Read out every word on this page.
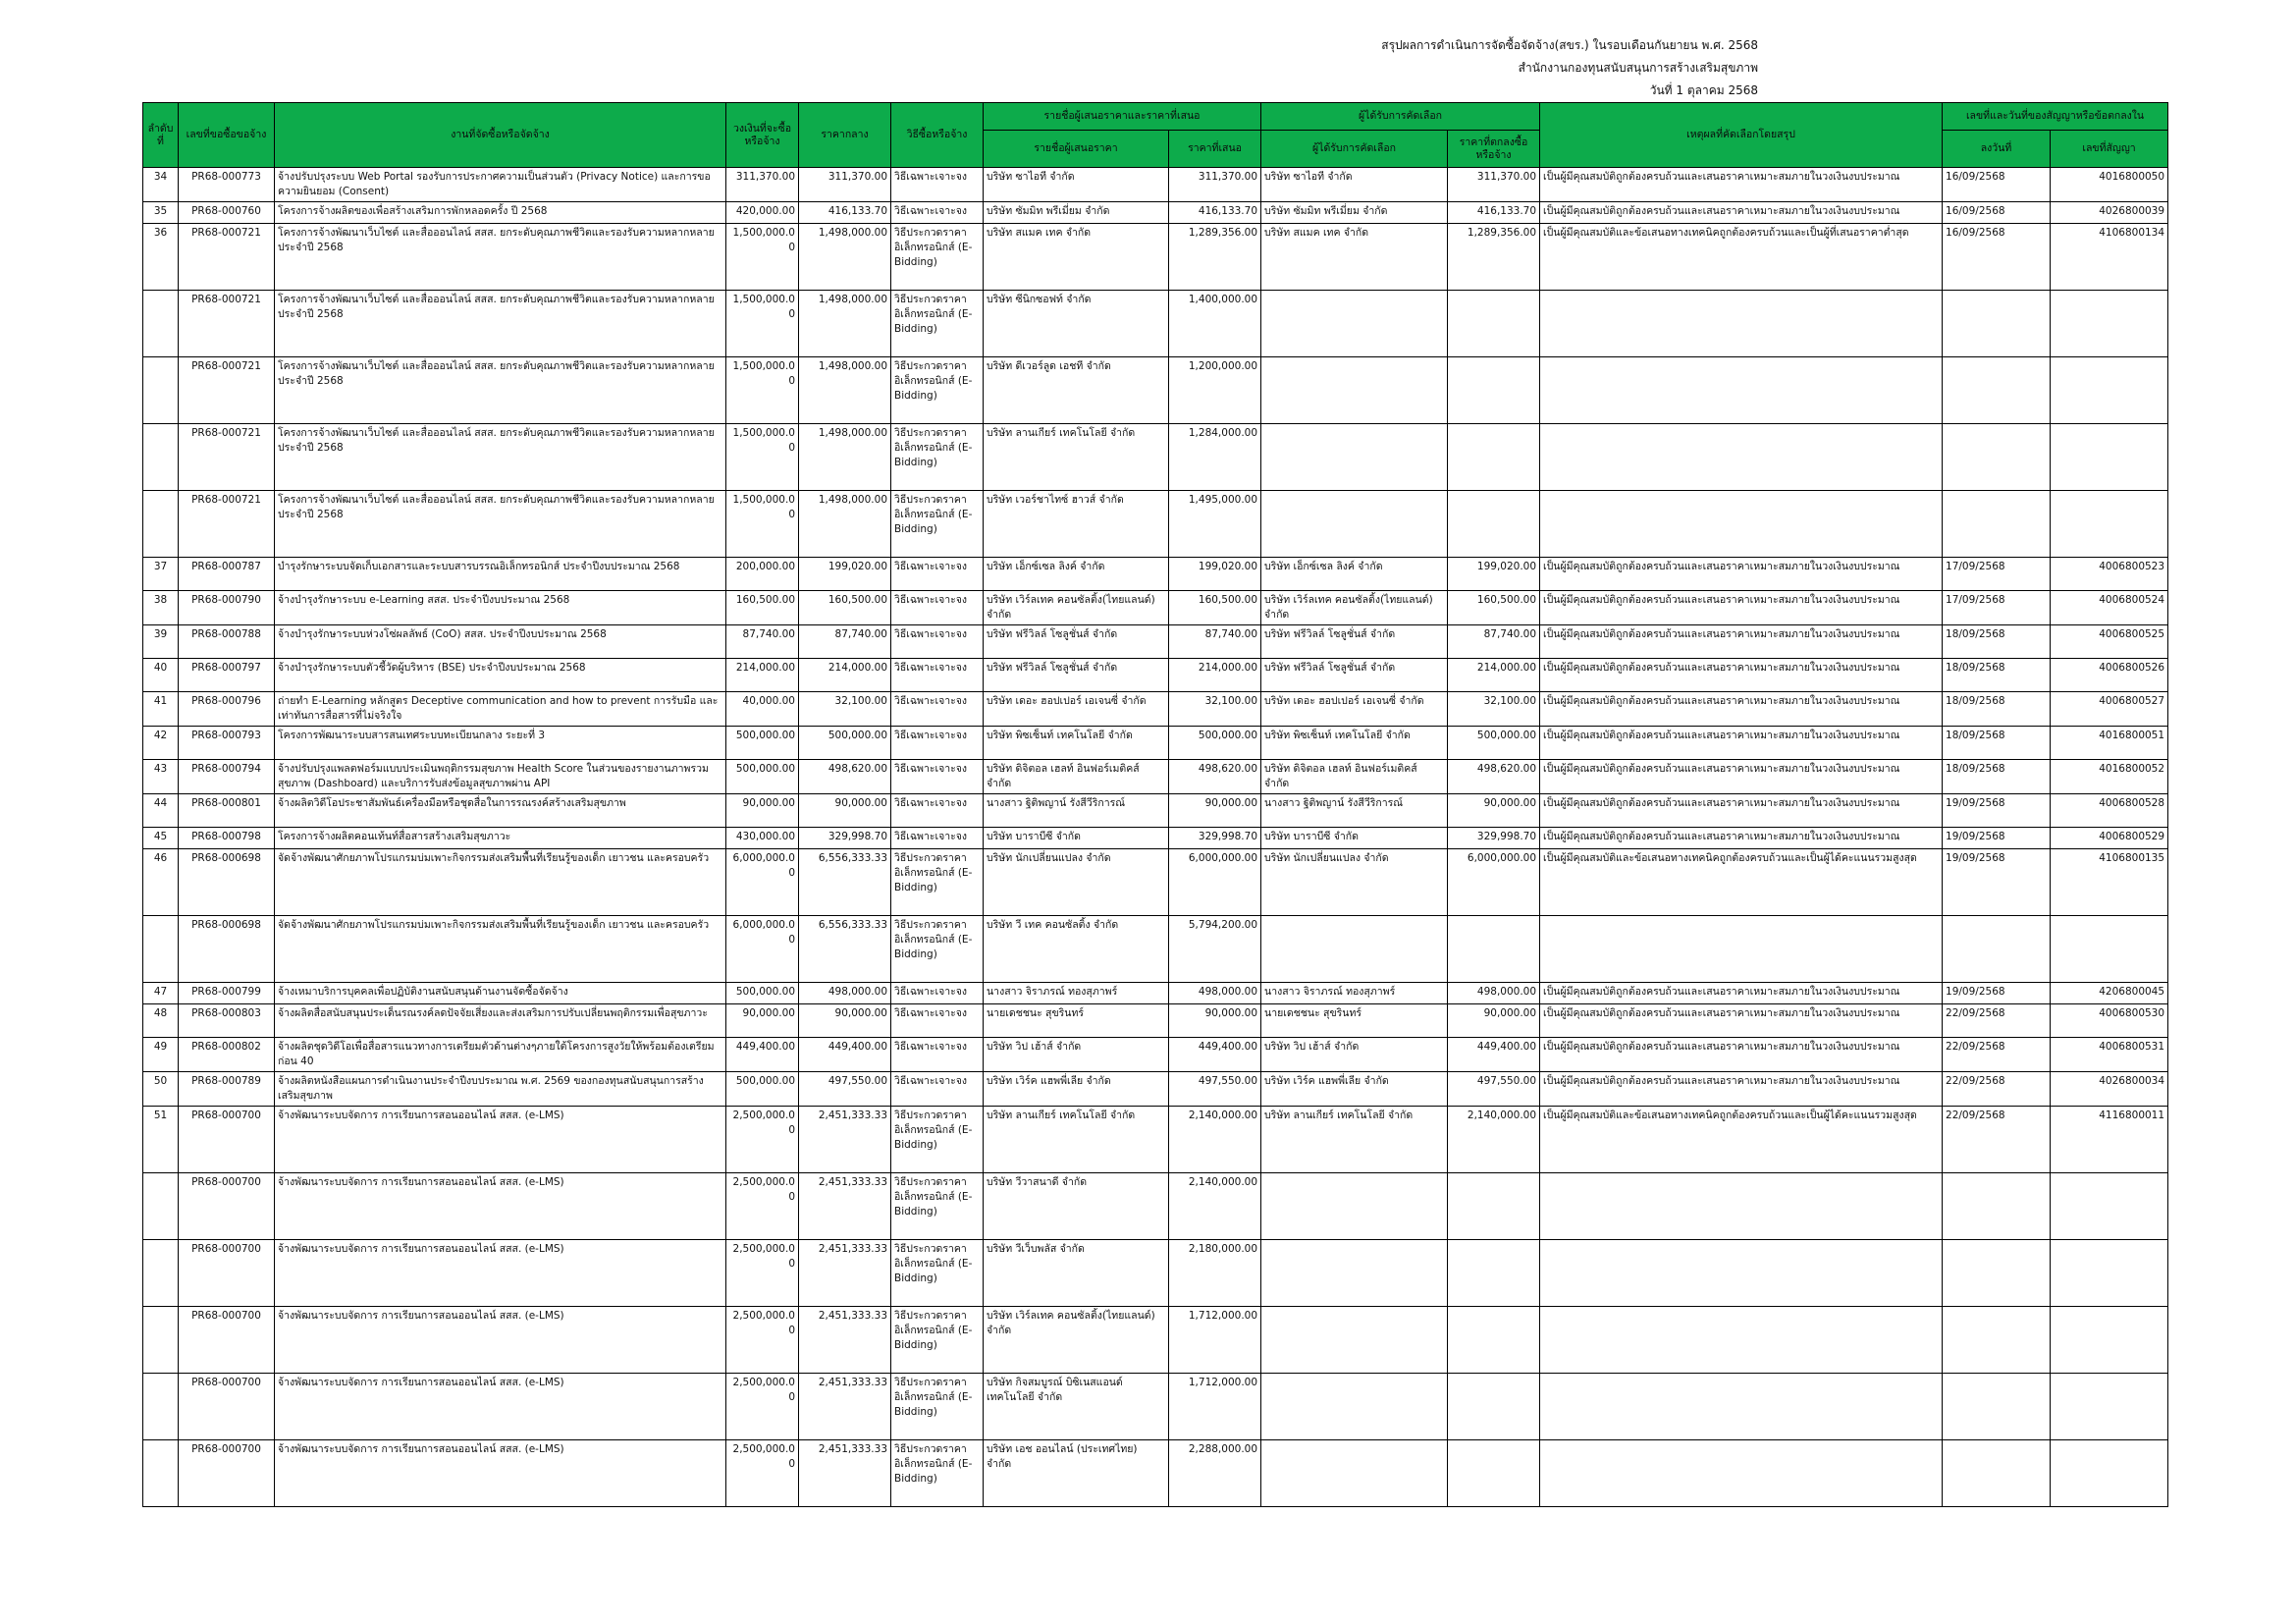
สรุปผลการดำเนินการจัดซื้อจัดจ้าง(สขร.) ในรอบเดือนกันยายน พ.ศ. 2568
สำนักงานกองทุนสนับสนุนการสร้างเสริมสุขภาพ
วันที่ 1 ตุลาคม 2568
ลำดับที่	เลขที่ขอซื้อขอจ้าง	งานที่จัดซื้อหรือจัดจ้าง	วงเงินที่จะซื้อหรือจ้าง	ราคากลาง	วิธีซื้อหรือจ้าง	รายชื่อผู้เสนอราคาและราคาที่เสนอ		ผู้ได้รับการคัดเลือก		เหตุผลที่คัดเลือกโดยสรุป	เลขที่และวันที่ของสัญญาหรือข้อตกลงใน	
						รายชื่อผู้เสนอราคา	ราคาที่เสนอ	ผู้ได้รับการคัดเลือก	ราคาที่ตกลงซื้อหรือจ้าง		ลงวันที่	เลขที่สัญญา
34	PR68-000773	จ้างปรับปรุงระบบ Web Portal รองรับการประกาศความเป็นส่วนตัว (Privacy Notice) และการขอความยินยอม (Consent)	311,370.00	311,370.00	วิธีเฉพาะเจาะจง	บริษัท ซาไอที จำกัด	311,370.00	บริษัท ซาไอที จำกัด	311,370.00	เป็นผู้มีคุณสมบัติถูกต้องครบถ้วนและเสนอราคาเหมาะสมภายในวงเงินงบประมาณ	16/09/2568	4016800050
35	PR68-000760	โครงการจ้างผลิตของเพื่อสร้างเสริมการพักหลอดครั้ง ปี 2568	420,000.00	416,133.70	วิธีเฉพาะเจาะจง	บริษัท ซัมมิท พรีเมี่ยม จำกัด	416,133.70	บริษัท ซัมมิท พรีเมี่ยม จำกัด	416,133.70	เป็นผู้มีคุณสมบัติถูกต้องครบถ้วนและเสนอราคาเหมาะสมภายในวงเงินงบประมาณ	16/09/2568	4026800039
36	PR68-000721	โครงการจ้างพัฒนาเว็บไซต์ และสื่อออนไลน์ สสส. ยกระดับคุณภาพชีวิตและรองรับความหลากหลาย ประจำปี 2568	1,500,000.00	1,498,000.00	วิธีประกวดราคาอิเล็กทรอนิกส์ (E-Bidding)	บริษัท สแมค เทค จำกัด	1,289,356.00	บริษัท สแมค เทค จำกัด	1,289,356.00	เป็นผู้มีคุณสมบัติและข้อเสนอทางเทคนิคถูกต้องครบถ้วนและเป็นผู้ที่เสนอราคาต่ำสุด	16/09/2568	4106800134
	PR68-000721	โครงการจ้างพัฒนาเว็บไซต์ และสื่อออนไลน์ สสส. ยกระดับคุณภาพชีวิตและรองรับความหลากหลาย ประจำปี 2568	1,500,000.00	1,498,000.00	วิธีประกวดราคาอิเล็กทรอนิกส์ (E-Bidding)	บริษัท ซีนิกซอฟท์ จำกัด	1,400,000.00					
	PR68-000721	โครงการจ้างพัฒนาเว็บไซต์ และสื่อออนไลน์ สสส. ยกระดับคุณภาพชีวิตและรองรับความหลากหลาย ประจำปี 2568	1,500,000.00	1,498,000.00	วิธีประกวดราคาอิเล็กทรอนิกส์ (E-Bidding)	บริษัท ดีเวอร์ลูด เอชที จำกัด	1,200,000.00					
	PR68-000721	โครงการจ้างพัฒนาเว็บไซต์ และสื่อออนไลน์ สสส. ยกระดับคุณภาพชีวิตและรองรับความหลากหลาย ประจำปี 2568	1,500,000.00	1,498,000.00	วิธีประกวดราคาอิเล็กทรอนิกส์ (E-Bidding)	บริษัท ลานเกียร์ เทคโนโลยี จำกัด	1,284,000.00					
	PR68-000721	โครงการจ้างพัฒนาเว็บไซต์ และสื่อออนไลน์ สสส. ยกระดับคุณภาพชีวิตและรองรับความหลากหลาย ประจำปี 2568	1,500,000.00	1,498,000.00	วิธีประกวดราคาอิเล็กทรอนิกส์ (E-Bidding)	บริษัท เวอร์ชาไทซ์ ฮาวส์ จำกัด	1,495,000.00					
37	PR68-000787	บำรุงรักษาระบบจัดเก็บเอกสารและระบบสารบรรณอิเล็กทรอนิกส์ ประจำปีงบประมาณ 2568	200,000.00	199,020.00	วิธีเฉพาะเจาะจง	บริษัท เอ็กซ์เซล ลิงค์ จำกัด	199,020.00	บริษัท เอ็กซ์เซล ลิงค์ จำกัด	199,020.00	เป็นผู้มีคุณสมบัติถูกต้องครบถ้วนและเสนอราคาเหมาะสมภายในวงเงินงบประมาณ	17/09/2568	4006800523
38	PR68-000790	จ้างบำรุงรักษาระบบ e-Learning สสส. ประจำปีงบประมาณ 2568	160,500.00	160,500.00	วิธีเฉพาะเจาะจง	บริษัท เวิร์ลเทค คอนซัลติ้ง(ไทยแลนด์) จำกัด	160,500.00	บริษัท เวิร์ลเทค คอนซัลติ้ง(ไทยแลนด์) จำกัด	160,500.00	เป็นผู้มีคุณสมบัติถูกต้องครบถ้วนและเสนอราคาเหมาะสมภายในวงเงินงบประมาณ	17/09/2568	4006800524
39	PR68-000788	จ้างบำรุงรักษาระบบห่วงโซ่ผลลัพธ์ (CoO) สสส. ประจำปีงบประมาณ 2568	87,740.00	87,740.00	วิธีเฉพาะเจาะจง	บริษัท ฟรีวิลล์ โซลูชั่นส์ จำกัด	87,740.00	บริษัท ฟรีวิลล์ โซลูชั่นส์ จำกัด	87,740.00	เป็นผู้มีคุณสมบัติถูกต้องครบถ้วนและเสนอราคาเหมาะสมภายในวงเงินงบประมาณ	18/09/2568	4006800525
40	PR68-000797	จ้างบำรุงรักษาระบบตัวชี้วัดผู้บริหาร (BSE) ประจำปีงบประมาณ 2568	214,000.00	214,000.00	วิธีเฉพาะเจาะจง	บริษัท ฟรีวิลล์ โซลูชั่นส์ จำกัด	214,000.00	บริษัท ฟรีวิลล์ โซลูชั่นส์ จำกัด	214,000.00	เป็นผู้มีคุณสมบัติถูกต้องครบถ้วนและเสนอราคาเหมาะสมภายในวงเงินงบประมาณ	18/09/2568	4006800526
41	PR68-000796	ถ่ายทำ E-Learning หลักสูตร Deceptive communication and how to prevent การรับมือ และเท่าทันการสื่อสารที่ไม่จริงใจ	40,000.00	32,100.00	วิธีเฉพาะเจาะจง	บริษัท เดอะ ฮอปเปอร์ เอเจนซี่ จำกัด	32,100.00	บริษัท เดอะ ฮอปเปอร์ เอเจนซี่ จำกัด	32,100.00	เป็นผู้มีคุณสมบัติถูกต้องครบถ้วนและเสนอราคาเหมาะสมภายในวงเงินงบประมาณ	18/09/2568	4006800527
42	PR68-000793	โครงการพัฒนาระบบสารสนเทศระบบทะเบียนกลาง ระยะที่ 3	500,000.00	500,000.00	วิธีเฉพาะเจาะจง	บริษัท พิซเซ็นท์ เทคโนโลยี จำกัด	500,000.00	บริษัท พิซเซ็นท์ เทคโนโลยี จำกัด	500,000.00	เป็นผู้มีคุณสมบัติถูกต้องครบถ้วนและเสนอราคาเหมาะสมภายในวงเงินงบประมาณ	18/09/2568	4016800051
43	PR68-000794	จ้างปรับปรุงแพลตฟอร์มแบบประเมินพฤติกรรมสุขภาพ Health Score ในส่วนของรายงานภาพรวมสุขภาพ (Dashboard) และบริการรับส่งข้อมูลสุขภาพผ่าน API	500,000.00	498,620.00	วิธีเฉพาะเจาะจง	บริษัท ดิจิตอล เฮลท์ อินฟอร์เมติคส์ จำกัด	498,620.00	บริษัท ดิจิตอล เฮลท์ อินฟอร์เมติคส์ จำกัด	498,620.00	เป็นผู้มีคุณสมบัติถูกต้องครบถ้วนและเสนอราคาเหมาะสมภายในวงเงินงบประมาณ	18/09/2568	4016800052
44	PR68-000801	จ้างผลิตวิดีโอประชาสัมพันธ์เครื่องมือหรือชุดสื่อในการรณรงค์สร้างเสริมสุขภาพ	90,000.00	90,000.00	วิธีเฉพาะเจาะจง	นางสาว ฐิติพญาน์ รังสีวีริการณ์	90,000.00	นางสาว ฐิติพญาน์ รังสีวีริการณ์	90,000.00	เป็นผู้มีคุณสมบัติถูกต้องครบถ้วนและเสนอราคาเหมาะสมภายในวงเงินงบประมาณ	19/09/2568	4006800528
45	PR68-000798	โครงการจ้างผลิตคอนเท้นท์สื่อสารสร้างเสริมสุขภาวะ	430,000.00	329,998.70	วิธีเฉพาะเจาะจง	บริษัท บาราบีซี จำกัด	329,998.70	บริษัท บาราบีซี จำกัด	329,998.70	เป็นผู้มีคุณสมบัติถูกต้องครบถ้วนและเสนอราคาเหมาะสมภายในวงเงินงบประมาณ	19/09/2568	4006800529
46	PR68-000698	จัดจ้างพัฒนาศักยภาพโปรแกรมบ่มเพาะกิจกรรมส่งเสริมพื้นที่เรียนรู้ของเด็ก เยาวชน และครอบครัว	6,000,000.00	6,556,333.33	วิธีประกวดราคาอิเล็กทรอนิกส์ (E-Bidding)	บริษัท นักเปลี่ยนแปลง จำกัด	6,000,000.00	บริษัท นักเปลี่ยนแปลง จำกัด	6,000,000.00	เป็นผู้มีคุณสมบัติและข้อเสนอทางเทคนิคถูกต้องครบถ้วนและเป็นผู้ได้คะแนนรวมสูงสุด	19/09/2568	4106800135
	PR68-000698	จัดจ้างพัฒนาศักยภาพโปรแกรมบ่มเพาะกิจกรรมส่งเสริมพื้นที่เรียนรู้ของเด็ก เยาวชน และครอบครัว	6,000,000.00	6,556,333.33	วิธีประกวดราคาอิเล็กทรอนิกส์ (E-Bidding)	บริษัท วี เทค คอนซัลติ้ง จำกัด	5,794,200.00					
47	PR68-000799	จ้างเหมาบริการบุคคลเพื่อปฏิบัติงานสนับสนุนด้านงานจัดซื้อจัดจ้าง	500,000.00	498,000.00	วิธีเฉพาะเจาะจง	นางสาว จิราภรณ์ ทองสุภาพร์	498,000.00	นางสาว จิราภรณ์ ทองสุภาพร์	498,000.00	เป็นผู้มีคุณสมบัติถูกต้องครบถ้วนและเสนอราคาเหมาะสมภายในวงเงินงบประมาณ	19/09/2568	4206800045
48	PR68-000803	จ้างผลิตสื่อสนับสนุนประเด็นรณรงค์ลดปัจจัยเสี่ยงและส่งเสริมการปรับเปลี่ยนพฤติกรรมเพื่อสุขภาวะ	90,000.00	90,000.00	วิธีเฉพาะเจาะจง	นายเดชชนะ สุขรินทร์	90,000.00	นายเดชชนะ สุขรินทร์	90,000.00	เป็นผู้มีคุณสมบัติถูกต้องครบถ้วนและเสนอราคาเหมาะสมภายในวงเงินงบประมาณ	22/09/2568	4006800530
49	PR68-000802	จ้างผลิตชุดวิดีโอเพื่อสื่อสารแนวทางการเตรียมตัวด้านต่างๆภายใต้โครงการสูงวัยให้พร้อมต้องเตรียมก่อน 40	449,400.00	449,400.00	วิธีเฉพาะเจาะจง	บริษัท วิป เฮ้าส์ จำกัด	449,400.00	บริษัท วิป เฮ้าส์ จำกัด	449,400.00	เป็นผู้มีคุณสมบัติถูกต้องครบถ้วนและเสนอราคาเหมาะสมภายในวงเงินงบประมาณ	22/09/2568	4006800531
50	PR68-000789	จ้างผลิตหนังสือแผนการดำเนินงานประจำปีงบประมาณ พ.ศ. 2569 ของกองทุนสนับสนุนการสร้างเสริมสุขภาพ	500,000.00	497,550.00	วิธีเฉพาะเจาะจง	บริษัท เวิร์ค แฮพพี่เลีย จำกัด	497,550.00	บริษัท เวิร์ค แฮพพี่เลีย จำกัด	497,550.00	เป็นผู้มีคุณสมบัติถูกต้องครบถ้วนและเสนอราคาเหมาะสมภายในวงเงินงบประมาณ	22/09/2568	4026800034
51	PR68-000700	จ้างพัฒนาระบบจัดการ การเรียนการสอนออนไลน์ สสส. (e-LMS)	2,500,000.00	2,451,333.33	วิธีประกวดราคาอิเล็กทรอนิกส์ (E-Bidding)	บริษัท ลานเกียร์ เทคโนโลยี จำกัด	2,140,000.00	บริษัท ลานเกียร์ เทคโนโลยี จำกัด	2,140,000.00	เป็นผู้มีคุณสมบัติและข้อเสนอทางเทคนิคถูกต้องครบถ้วนและเป็นผู้ได้คะแนนรวมสูงสุด	22/09/2568	4116800011
	PR68-000700	จ้างพัฒนาระบบจัดการ การเรียนการสอนออนไลน์ สสส. (e-LMS)	2,500,000.00	2,451,333.33	วิธีประกวดราคาอิเล็กทรอนิกส์ (E-Bidding)	บริษัท วีวาสนาดี จำกัด	2,140,000.00					
	PR68-000700	จ้างพัฒนาระบบจัดการ การเรียนการสอนออนไลน์ สสส. (e-LMS)	2,500,000.00	2,451,333.33	วิธีประกวดราคาอิเล็กทรอนิกส์ (E-Bidding)	บริษัท วีเว็บพลัส จำกัด	2,180,000.00					
	PR68-000700	จ้างพัฒนาระบบจัดการ การเรียนการสอนออนไลน์ สสส. (e-LMS)	2,500,000.00	2,451,333.33	วิธีประกวดราคาอิเล็กทรอนิกส์ (E-Bidding)	บริษัท เวิร์ลเทค คอนซัลติ้ง(ไทยแลนด์) จำกัด	1,712,000.00					
	PR68-000700	จ้างพัฒนาระบบจัดการ การเรียนการสอนออนไลน์ สสส. (e-LMS)	2,500,000.00	2,451,333.33	วิธีประกวดราคาอิเล็กทรอนิกส์ (E-Bidding)	บริษัท กิจสมบูรณ์ บิซิเนสแอนด์เทคโนโลยี จำกัด	1,712,000.00					
	PR68-000700	จ้างพัฒนาระบบจัดการ การเรียนการสอนออนไลน์ สสส. (e-LMS)	2,500,000.00	2,451,333.33	วิธีประกวดราคาอิเล็กทรอนิกส์ (E-Bidding)	บริษัท เอช ออนไลน์ (ประเทศไทย) จำกัด	2,288,000.00					
